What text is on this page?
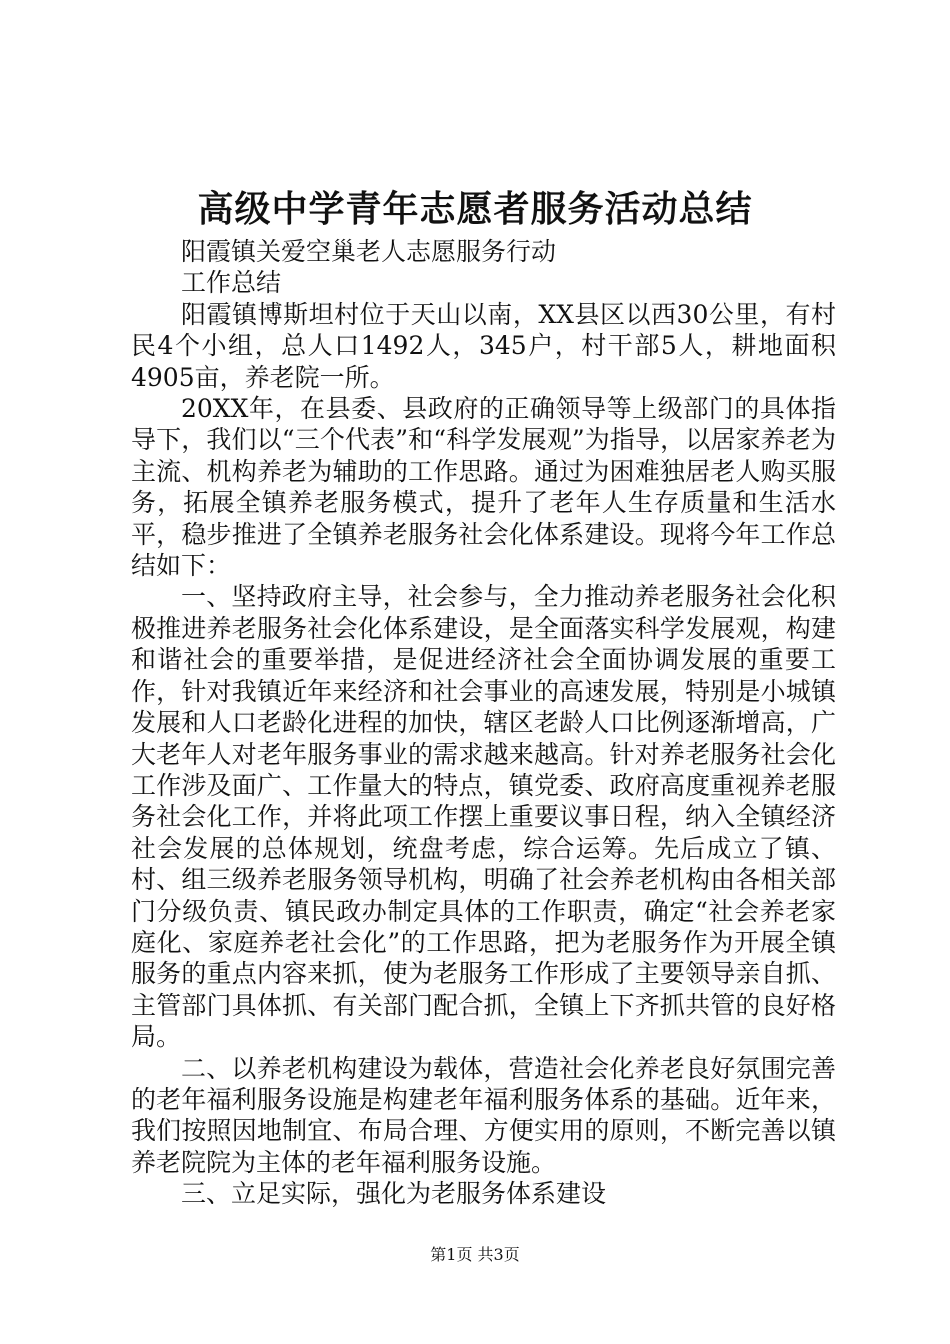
高级中学青年志愿者服务活动总结

阳霞镇关爱空巢老人志愿服务行动

工作总结

阳霞镇博斯坦村位于天山以南，XX县区以西30公里，有村民4个小组，总人口1492人，345户，村干部5人，耕地面积4905亩，养老院一所。

20XX年，在县委、县政府的正确领导等上级部门的具体指导下，我们以“三个代表”和“科学发展观”为指导，以居家养老为主流、机构养老为辅助的工作思路。通过为困难独居老人购买服务，拓展全镇养老服务模式，提升了老年人生存质量和生活水平，稳步推进了全镇养老服务社会化体系建设。现将今年工作总结如下：

一、坚持政府主导，社会参与，全力推动养老服务社会化积极推进养老服务社会化体系建设，是全面落实科学发展观，构建和谐社会的重要举措，是促进经济社会全面协调发展的重要工作，针对我镇近年来经济和社会事业的高速发展，特别是小城镇发展和人口老龄化进程的加快，辖区老龄人口比例逐渐增高，广大老年人对老年服务事业的需求越来越高。针对养老服务社会化工作涉及面广、工作量大的特点，镇党委、政府高度重视养老服务社会化工作，并将此项工作摆上重要议事日程，纳入全镇经济社会发展的总体规划，统盘考虑，综合运筹。先后成立了镇、村、组三级养老服务领导机构，明确了社会养老机构由各相关部门分级负责、镇民政办制定具体的工作职责，确定“社会养老家庭化、家庭养老社会化”的工作思路，把为老服务作为开展全镇服务的重点内容来抓，使为老服务工作形成了主要领导亲自抓、主管部门具体抓、有关部门配合抓，全镇上下齐抓共管的良好格局。

二、以养老机构建设为载体，营造社会化养老良好氛围完善的老年福利服务设施是构建老年福利服务体系的基础。近年来，我们按照因地制宜、布局合理、方便实用的原则，不断完善以镇养老院院为主体的老年福利服务设施。

三、立足实际，强化为老服务体系建设

第1页 共3页
